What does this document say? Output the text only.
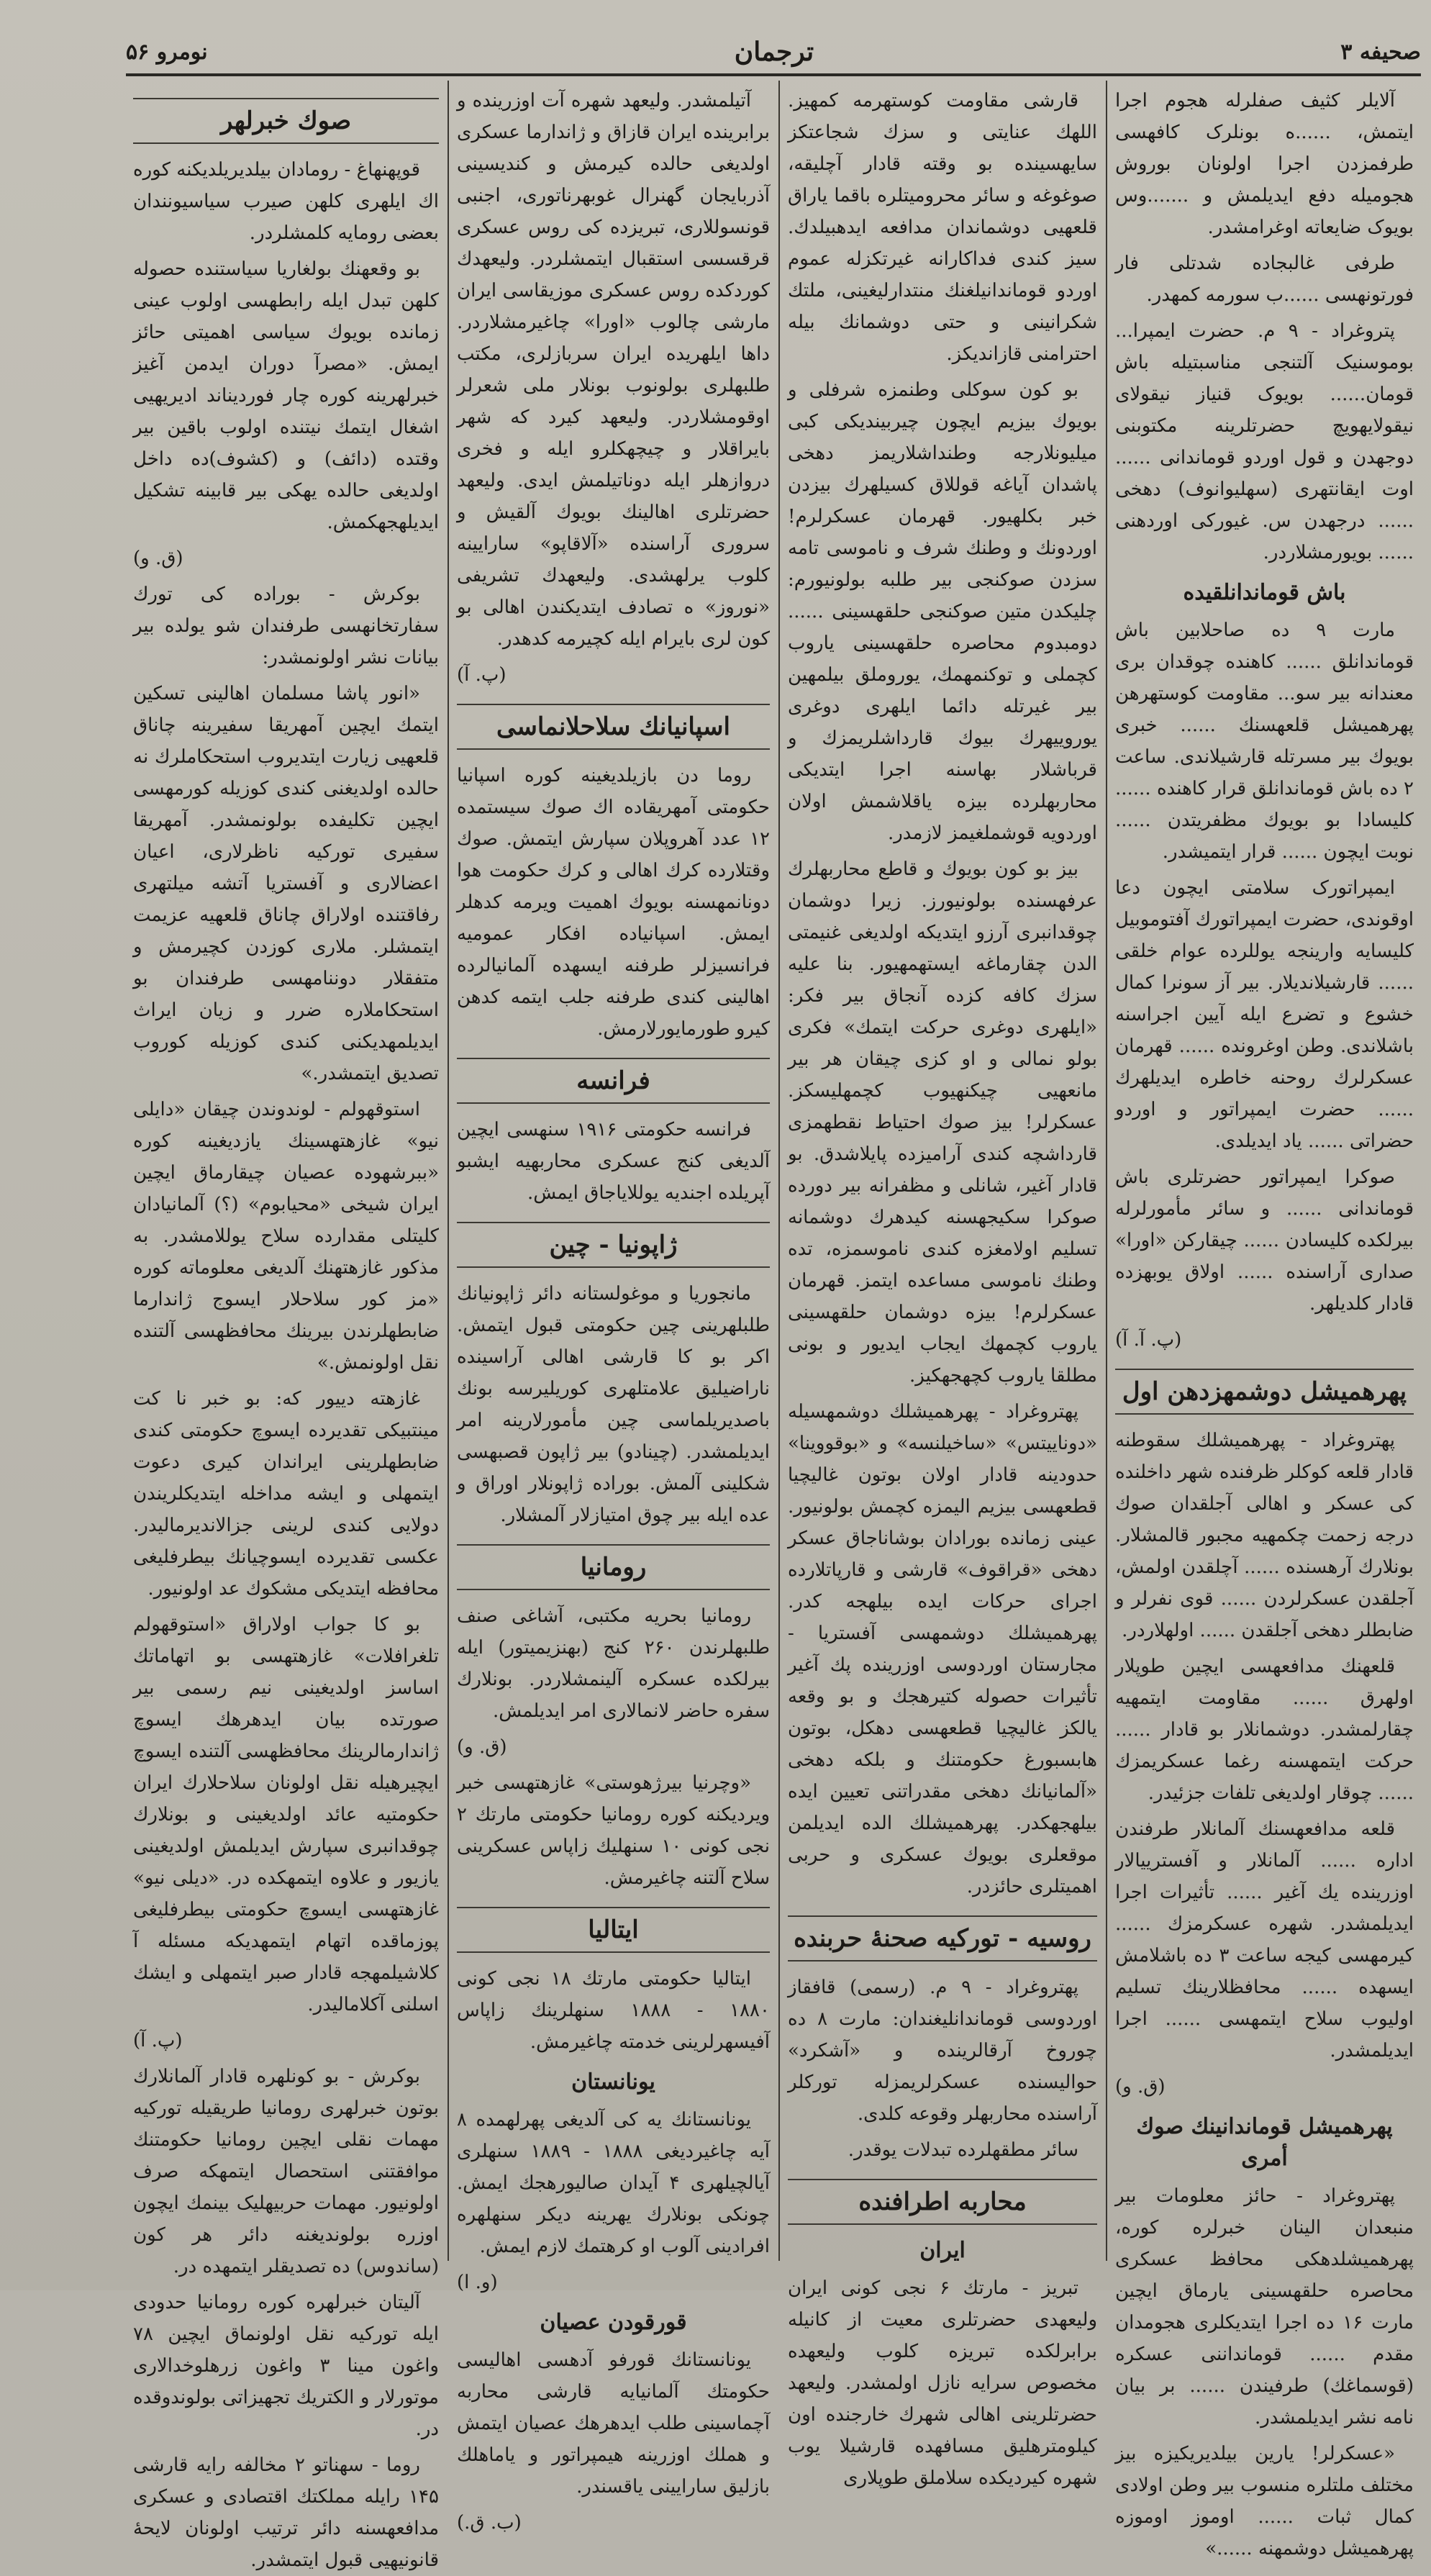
صحیفه ۳
ترجمان
نومرو ۵۶

آلایلر کثیف صفلرله هجوم اجرا ایتمش، ......ه بونلرک کافهسی طرفمزدن اجرا اولونان بوروش هجومیله دفع ایدیلمش و .......وس بویوک ضایعاته اوغرامشدر.

طرفی غالبجاده شدتلی فار فورتونهسی ......ب سورمه کمهدر.

پتروغراد - ۹ م. حضرت ایمپرا... بوموسنیک آلتنجی مناسبتیله باش قومان...... بویوک قنیاز نیقولای نیقولایهویچ حضرتلرینه مکتوبنی دوجهدن و قول اوردو قوماندانی ...... اوت ایقانتهری (سهلیوانوف) دهخی ...... درجهدن س. غیورکی اوردهنی ...... بویورمشلاردر.

باش قوماندانلقیده

مارت ۹ ده صاحلابین باش قوماندانلق ...... کاهنده چوقدان بری معندانه بیر سو... مقاومت کوستهرهن پهرهمیشل قلعهسنك ...... خبری بویوك بیر مسرتله قارشیلاندی. ساعت ۲ ده باش قوماندانلق قرار کاهنده ...... کلیسادا بو بویوك مظفریتدن ...... نوبت ایچون ...... قرار ایتمیشدر.

ایمپراتورک سلامتی ایچون دعا اوقوندی، حضرت ایمپراتورك آفتوموبیل کلیسایه وارینجه یوللرده عوام خلقی ...... قارشیلاندیلار. بیر آز سونرا کمال خشوع و تضرع ایله آیین اجراسنه باشلاندی. وطن اوغرونده ...... قهرمان عسکرلرك روحنه خاطره ایدیلهرك ...... حضرت ایمپراتور و اوردو حضراتی ...... یاد ایدیلدی.

صوکرا ایمپراتور حضرتلری باش قوماندانی ...... و سائر مأمورلرله بیرلکده کلیسادن ...... چیقارکن «اورا» صداری آراسنده ...... اولاق یوبهزده قادار کلدیلهر.

(پ. آ. آ)

پهرهمیشل دوشمهزدهن اول

پهتروغراد - پهرهمیشلك سقوطنه قادار قلعه کوکلر ظرفنده شهر داخلنده کی عسکر و اهالی آجلقدان صوك درجه زحمت چکمهیه مجبور قالمشلار. بونلارك آرهسنده ...... آچلقدن اولمش، آجلقدن عسکرلردن ...... قوی نفرلر و ضابطلر دهخی آجلقدن ...... اولهلاردر.

قلعهنك مدافعهسی ایچین طوپلار اولهرق ...... مقاومت ایتمهیه چقارلمشدر. دوشمانلار بو قادار ...... حرکت ایتمهسنه رغما عسکریمزك ...... چوقار اولدیغی تلفات جزئیدر.

قلعه مدافعهسنك آلمانلار طرفندن اداره ...... آلمانلار و آفسترییالار اوزرینده یك آغیر ...... تأثیرات اجرا ایدیلمشدر. شهره عسکرمزك ...... کیرمهسی کیجه ساعت ۳ ده باشلامش ایسهده ...... محافظلارینك تسلیم اولیوب سلاح ایتمهسی ...... اجرا ایدیلمشدر.

(ق. و)

پهرهمیشل قوماندانینك صوك أمری

پهتروغراد - حائز معلومات بیر منبعدان الینان خبرلره کوره، پهرهمیشلدهکی محافظ عسکری محاصره حلقهسینی یارماق ایچین مارت ۱۶ ده اجرا ایتدیکلری هجومدان مقدم ...... قومانداننی عسکره (قوسماغك) طرفیندن ...... بر بیان نامه نشر ایدیلمشدر.

«عسکرلر! یارین بیلدیریکیزه بیز مختلف ملتلره منسوب بیر وطن اولادی کمال ثبات ...... اوموز اوموزه پهرهمیشل دوشمهنه ......»

قارشی مقاومت کوستهرمه کمهیز. اللهك عنایتی و سزك شجاعتکز سایهسینده بو وقته قادار آچلیقه، صوغوغه و سائر محرومیتلره باقما یاراق قلعهیی دوشماندان مدافعه ایدهبیلدك. سیز کندی فداکارانه غیرتکزله عموم اوردو قوماندانیلغنك منتدارلیغینی، ملتك شکرانینی و حتی دوشمانك بیله احترامنی قازاندیکز.

بو کون سوکلی وطنمزه شرفلی و بویوك بیزیم ایچون چیربیندیکی کبی میلیونلارجه وطنداشلاریمز دهخی پاشدان آیاغه قوللاق کسیلهرك بیزدن خبر بکلهیور. قهرمان عسکرلرم! اوردونك و وطنك شرف و ناموسی تامه سزدن صوکنجی بیر طلبه بولونیورم: چلیکدن متین صوکنجی حلقهسینی ...... دومبدوم محاصره حلقهسینی یاروب کچملی و توکنمهمك، یوروملق بیلمهین بیر غیرتله دائما ایلهری دوغری یوروییهرك بیوك قارداشلریمزك و قرباشلار بهاسنه اجرا ایتدیکی محاربهلرده بیزه یاقلاشمش اولان اوردویه قوشملغیمز لازمدر.

بیز بو کون بویوك و قاطع محاربهلرك عرفهسنده بولونیورز. زیرا دوشمان چوقدانبری آرزو ایتدیکه اولدیغی غنیمتی الدن چقارماغه ایستهمهیور. بنا علیه سزك کافه کزده آنجاق بیر فکر: «ایلهری دوغری حرکت ایتمك» فکری بولو نمالی و او کزی چیقان هر بیر مانعهیی چیکنهیوب کچمهلیسکز. عسکرلر! بیز صوك احتیاط نقطهمزی قارداشچه کندی آرامیزده پایلاشدق. بو قادار آغیر، شانلی و مظفرانه بیر دورده صوکرا سکیجهسنه کیدهرك دوشمانه تسلیم اولامغزه کندی ناموسمزه، تده وطنك ناموسی مساعده ایتمز. قهرمان عسکرلرم! بیزه دوشمان حلقهسینی یاروب کچمهك ایجاب ایدیور و بونی مطلقا یاروب کچهجهکیز.

پهتروغراد - پهرهمیشلك دوشمهسیله «دوناییتس» «ساخیلنسه» و «بوقووینا» حدودینه قادار اولان بوتون غالیچیا قطعهسی بیزیم الیمزه کچمش بولونیور. عینی زمانده بورادان بوشاناجاق عسکر دهخی «قراقوف» قارشی و قارپاتلارده اجرای حرکات ایده بیلهجه کدر. پهرهمیشلك دوشمهسی آفستریا - مجارستان اوردوسی اوزرینده پك آغیر تأثیرات حصوله کتیرهجك و بو وقعه یالکز غالیچیا قطعهسی دهکل، بوتون هابسبورغ حکومتنك و بلکه دهخی «آلمانیانك دهخی مقدراتنی تعیین ایده بیلهجهکدر. پهرهمیشلك الده ایدیلمن موقعلری بویوك عسکری و حربی اهمیتلری حائزدر.

روسیه - تورکیه صحنهٔ حربنده

پهتروغراد - ۹ م. (رسمی) قافقاز اوردوسی قوماندانلیغندان: مارت ۸ ده چوروخ آرقالرینده و «آشکرد» حوالیسنده عسکرلریمزله تورکلر آراسنده محاربهلر وقوعه کلدی.

سائر مطقهلرده تبدلات یوقدر.

محاربه اطرافنده
ایران

تبریز - مارتك ۶ نجی کونی ایران ولیعهدی حضرتلری معیت از کانیله برابرلکده تبریزه کلوب ولیعهده مخصوص سرایه نازل اولمشدر. ولیعهد حضرتلرینی اهالی شهرك خارجنده اون کیلومترهلیق مسافهده قارشیلا یوب شهره کیردیکده سلاملق طوپلاری

آتیلمشدر. ولیعهد شهره آت اوزرینده و برابرینده ایران قازاق و ژاندارما عسکری اولدیغی حالده کیرمش و کندیسینی آذربایجان گهنرال غوبهرناتوری، اجنبی قونسوللاری، تبریزده کی روس عسکری قرقسسی استقبال ایتمشلردر. ولیعهدك کوردکده روس عسکری موزیقاسی ایران مارشی چالوب «اورا» چاغیرمشلاردر. داها ایلهریده ایران سربازلری، مکتب طلبهلری بولونوب بونلار ملی شعرلر اوقومشلاردر. ولیعهد کیرد که شهر بایراقلار و چیچهکلرو ایله و فخری دروازهلر ایله دوناتیلمش ایدی. ولیعهد حضرتلری اهالینك بویوك آلقیش و سروری آراسنده «آلاقاپو» سارایینه کلوب یرلهشدی. ولیعهدك تشریفی «نوروز» ه تصادف ایتدیکندن اهالی بو کون لری بایرام ایله کچیرمه کدهدر.

(پ. آ)

اسپانیانك سلاحلانماسی

روما دن بازیلدیغینه کوره اسپانیا حکومتی آمهریقاده اك صوك سیستمده ۱۲ عدد آهروپلان سپارش ایتمش. صوك وقتلارده کرك اهالی و کرك حکومت هوا دونانمهسنه بویوك اهمیت ویرمه کدهلر ایمش. اسپانیاده افکار عمومیه فرانسیزلر طرفنه ایسهده آلمانیالرده اهالینی کندی طرفنه جلب ایتمه کدهن کیرو طورمایورلارمش.

فرانسه

فرانسه حکومتی ۱۹۱۶ سنهسی ایچین آلدیغی کنج عسکری محاربهیه ایشبو آپریلده اجندیه یوللایاجاق ایمش.

ژاپونیا - چین

مانجوریا و موغولستانه دائر ژاپونیانك طلبلهرینی چین حکومتی قبول ایتمش. اکر بو کا قارشی اهالی آراسینده ناراضیلیق علامتلهری کوریلیرسه بونك باصدیریلماسی چین مأمورلارینه امر ایدیلمشدر. (چینادو) بیر ژاپون قصبهسی شکلینی آلمش. بوراده ژاپونلار اوراق و عده ایله بیر چوق امتیازلار آلمشلار.

رومانیا

رومانیا بحریه مکتبی، آشاغی صنف طلبهلرندن ۲۶۰ کنج (بهنزیمیتور) ایله بیرلکده عسکره آلینمشلاردر. بونلارك سفره حاضر لانمالاری امر ایدیلمش.

(ق. و)

«وچرنیا بیرژهوستی» غازهتهسی خبر ویردیکنه کوره رومانیا حکومتی مارتك ۲ نجی کونی ۱۰ سنهلیك زاپاس عسکرینی سلاح آلتنه چاغیرمش.

ایتالیا

ایتالیا حکومتی مارتك ۱۸ نجی کونی ۱۸۸۰ - ۱۸۸۸ سنهلرینك زاپاس آفیسهرلرینی خدمته چاغیرمش.

یونانستان

یونانستانك یه کی آلدیغی پهرلهمده ۸ آیه چاغیردیغی ۱۸۸۸ - ۱۸۸۹ سنهلری آیالچیلهری ۴ آیدان صالیورهجك ایمش. چونکی بونلارك یهرینه دیکر سنهلهره افرادینی آلوب او کرهتمك لازم ایمش.

(و. ا)

قورقودن عصیان

یونانستانك قورفو آدهسی اهالیسی حکومتك آلمانیایه قارشی محاربه آچماسینی طلب ایدهرهك عصیان ایتمش و هملك اوزرینه هیمپراتور و یاماهلك بازلیق سارایینی یاقسندر.

(ب. ق.)

صوك خبرلهر

قوپهنهاغ - رومادان بیلدیریلدیکنه کوره اك ایلهری کلهن صیرب سیاسیونندان بعضی رومایه کلمشلردر.

بو وقعهنك بولغاریا سیاستنده حصوله کلهن تبدل ایله رابطهسی اولوب عینی زمانده بویوك سیاسی اهمیتی حائز ایمش. «مصرآ دوران ایدمن آغیز خبرلهرینه کوره چار فوردیناند ادیریهیی اشغال ایتمك نیتنده اولوب باقین بیر وقتده (دائف) و (کشوف)ده داخل اولدیغی حالده یهکی بیر قابینه تشکیل ایدیلهجهکمش.

(ق. و)

بوکرش - بوراده کی تورك سفارتخانهسی طرفندان شو یولده بیر بیانات نشر اولونمشدر:

«انور پاشا مسلمان اهالینی تسکین ایتمك ایچین آمهریقا سفیرینه چاناق قلعهیی زیارت ایتدیروب استحکاملرك نه حالده اولدیغنی کندی کوزیله کورمهسی ایچین تکلیفده بولونمشدر. آمهریقا سفیری تورکیه ناظرلاری، اعیان اعضالاری و آفستریا آتشه میلتهری رفاقتنده اولاراق چاناق قلعهیه عزیمت ایتمشلر. ملاری کوزدن کچیرمش و متفقلار دوننامهسی طرفندان بو استحکاملاره ضرر و زیان ایراث ایدیلمهدیکنی کندی کوزیله کوروب تصدیق ایتمشدر.»

استوقهولم - لوندوندن چیقان «دایلی نیو» غازهتهسینك یازدیغینه کوره «ببرشهوده عصیان چیقارماق ایچین ایران شیخی «محیابوم» (؟) آلمانیادان کلیتلی مقدارده سلاح یوللامشدر. به مذکور غازهتهنك آلدیغی معلوماته کوره «مز کور سلاحلار ایسوج ژاندارما ضابطهلرندن بیرینك محافظهسی آلتنده نقل اولونمش.»

غازهته دییور که: بو خبر نا کت مینتبیکی تقدیرده ایسوچ حکومتی کندی ضابطهلرینی ایراندان کیری دعوت ایتمهلی و ایشه مداخله ایتدیکلریندن دولایی کندی لرینی جزالاندیرمالیدر. عکسی تقدیرده ایسوچیانك بیطرفلیغی محافظه ایتدیکی مشکوك عد اولونیور.

بو کا جواب اولاراق «استوقهولم تلغرافلات» غازهتهسی بو اتهاماتك اساسز اولدیغینی نیم رسمی بیر صورتده بیان ایدهرهك ایسوچ ژاندارمالرینك محافظهسی آلتنده ایسوچ ایچیرهیله نقل اولونان سلاحلارك ایران حکومتیه عائد اولدیغینی و بونلارك چوقدانبری سپارش ایدیلمش اولدیغینی یازیور و علاوه ایتمهکده در. «دیلی نیو» غازهتهسی ایسوچ حکومتی بیطرفلیغی پوزماقده اتهام ایتمهدیکه مسئله آ کلاشیلمهجه قادار صبر ایتمهلی و ایشك اسلنی آکلامالیدر.

(پ. آ)

بوکرش - بو کونلهره قادار آلمانلارك بوتون خبرلهری رومانیا طریقیله تورکیه مهمات نقلی ایچین رومانیا حکومتنك موافقتنی استحصال ایتمهکه صرف اولونیور. مهمات حربیهلیک بینمك ایچون اوزره بولوندیغنه دائر هر کون (ساندوس) ده تصدیقلر ایتمهده در.

آلیتان خبرلهره کوره رومانیا حدودی ایله تورکیه نقل اولونماق ایچین ۷۸ واغون مینا ۳ واغون زرهلوخدالاری موتورلار و الکتریك تجهیزاتی بولوندوقده در.

روما - سهناتو ۲ مخالفه رایه قارشی ۱۴۵ رایله مملکتك اقتصادی و عسکری مدافعهسنه دائر ترتیب اولونان لایحهٔ قانونیهیی قبول ایتمشدر.
